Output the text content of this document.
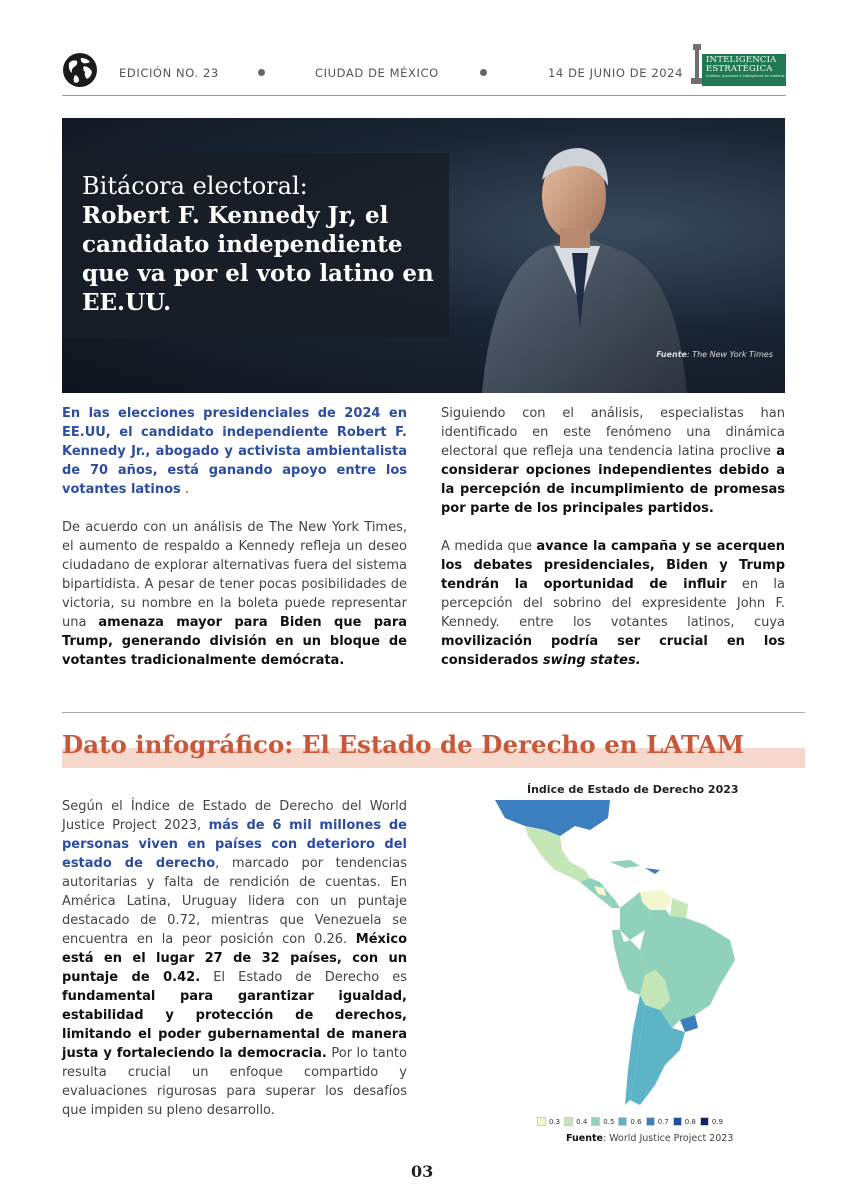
EDICIÓN NO. 23	CIUDAD DE MÉXICO	14 DE JUNIO DE 2024
INTELIGENCIA
ESTRATÉGICA
Análisis, procesos e inteligencia en materia económica, social y política
Bitácora electoral:
Robert F. Kennedy Jr, el candidato independiente que va por el voto latino en EE.UU.
Fuente: The New York Times

En las elecciones presidenciales de 2024 en EE.UU, el candidato independiente Robert F. Kennedy Jr., abogado y activista ambientalista de 70 años, está ganando apoyo entre los votantes latinos .

De acuerdo con un análisis de The New York Times, el aumento de respaldo a Kennedy refleja un deseo ciudadano de explorar alternativas fuera del sistema bipartidista. A pesar de tener pocas posibilidades de victoria, su nombre en la boleta puede representar una amenaza mayor para Biden que para Trump, generando división en un bloque de votantes tradicionalmente demócrata.

Siguiendo con el análisis, especialistas han identificado en este fenómeno una dinámica electoral que refleja una tendencia latina proclive a considerar opciones independientes debido a la percepción de incumplimiento de promesas por parte de los principales partidos.

A medida que avance la campaña y se acerquen los debates presidenciales, Biden y Trump tendrán la oportunidad de influir en la percepción del sobrino del expresidente John F. Kennedy. entre los votantes latinos, cuya movilización podría ser crucial en los considerados swing states.

Dato infográfico: El Estado de Derecho en LATAM

Según el Índice de Estado de Derecho del World Justice Project 2023, más de 6 mil millones de personas viven en países con deterioro del estado de derecho, marcado por tendencias autoritarias y falta de rendición de cuentas. En América Latina, Uruguay lidera con un puntaje destacado de 0.72, mientras que Venezuela se encuentra en la peor posición con 0.26. México está en el lugar 27 de 32 países, con un puntaje de 0.42. El Estado de Derecho es fundamental para garantizar igualdad, estabilidad y protección de derechos, limitando el poder gubernamental de manera justa y fortaleciendo la democracia. Por lo tanto resulta crucial un enfoque compartido y evaluaciones rigurosas para superar los desafíos que impiden su pleno desarrollo.

Índice de Estado de Derecho 2023
0.3 0.4 0.5 0.6 0.7 0.8 0.9
Fuente: World Justice Project 2023
03
